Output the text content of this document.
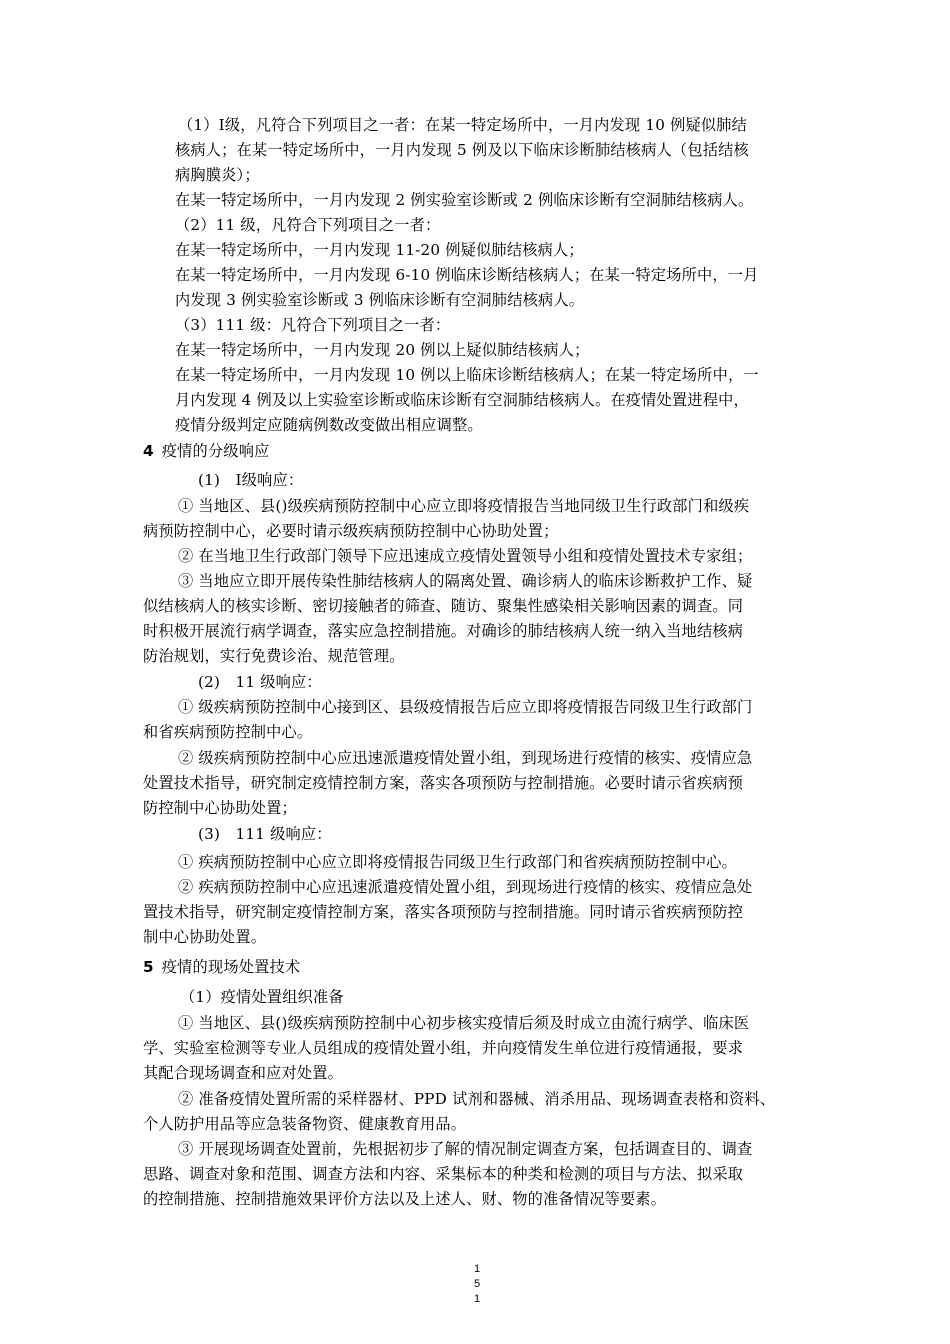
（1）Ⅰ级，凡符合下列项目之一者：在某一特定场所中，一月内发现 10 例疑似肺结
核病人；在某一特定场所中，一月内发现 5 例及以下临床诊断肺结核病人（包括结核
病胸膜炎）；
在某一特定场所中，一月内发现 2 例实验室诊断或 2 例临床诊断有空洞肺结核病人。
（2）11 级，凡符合下列项目之一者：
在某一特定场所中，一月内发现 11-20 例疑似肺结核病人；
在某一特定场所中，一月内发现 6-10 例临床诊断结核病人；在某一特定场所中，一月
内发现 3 例实验室诊断或 3 例临床诊断有空洞肺结核病人。
（3）111 级：凡符合下列项目之一者：
在某一特定场所中，一月内发现 20 例以上疑似肺结核病人；
在某一特定场所中，一月内发现 10 例以上临床诊断结核病人；在某一特定场所中，一
月内发现 4 例及以上实验室诊断或临床诊断有空洞肺结核病人。在疫情处置进程中，
疫情分级判定应随病例数改变做出相应调整。
4 疫情的分级响应
(1)　Ⅰ级响应：
① 当地区、县()级疾病预防控制中心应立即将疫情报告当地同级卫生行政部门和级疾
病预防控制中心，必要时请示级疾病预防控制中心协助处置；
② 在当地卫生行政部门领导下应迅速成立疫情处置领导小组和疫情处置技术专家组；
③ 当地应立即开展传染性肺结核病人的隔离处置、确诊病人的临床诊断救护工作、疑
似结核病人的核实诊断、密切接触者的筛查、随访、聚集性感染相关影响因素的调查。同
时积极开展流行病学调查，落实应急控制措施。对确诊的肺结核病人统一纳入当地结核病
防治规划，实行免费诊治、规范管理。
(2)　11 级响应：
① 级疾病预防控制中心接到区、县级疫情报告后应立即将疫情报告同级卫生行政部门
和省疾病预防控制中心。
② 级疾病预防控制中心应迅速派遣疫情处置小组，到现场进行疫情的核实、疫情应急
处置技术指导，研究制定疫情控制方案，落实各项预防与控制措施。必要时请示省疾病预
防控制中心协助处置；
(3)　111 级响应：
① 疾病预防控制中心应立即将疫情报告同级卫生行政部门和省疾病预防控制中心。
② 疾病预防控制中心应迅速派遣疫情处置小组，到现场进行疫情的核实、疫情应急处
置技术指导，研究制定疫情控制方案，落实各项预防与控制措施。同时请示省疾病预防控
制中心协助处置。
5 疫情的现场处置技术
（1）疫情处置组织准备
① 当地区、县()级疾病预防控制中心初步核实疫情后须及时成立由流行病学、临床医
学、实验室检测等专业人员组成的疫情处置小组，并向疫情发生单位进行疫情通报，要求
其配合现场调查和应对处置。
② 准备疫情处置所需的采样器材、PPD 试剂和器械、消杀用品、现场调查表格和资料、
个人防护用品等应急装备物资、健康教育用品。
③ 开展现场调查处置前，先根据初步了解的情况制定调查方案，包括调查目的、调查
思路、调查对象和范围、调查方法和内容、采集标本的种类和检测的项目与方法、拟采取
的控制措施、控制措施效果评价方法以及上述人、财、物的准备情况等要素。
1
5
1
